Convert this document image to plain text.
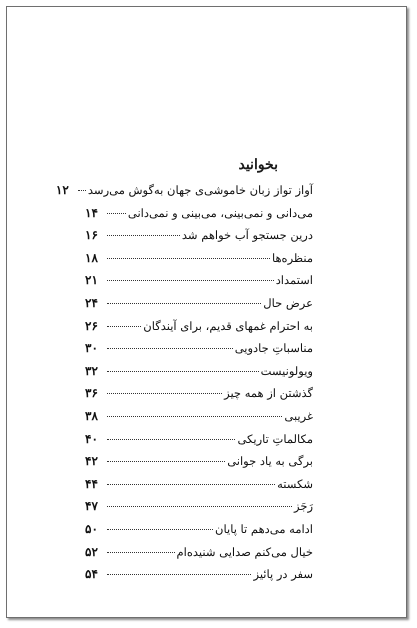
بخوانید
آواز تواز زبان خاموشی‌ی جهان به‌گوش می‌رسد
۱۲
می‌دانی و نمی‌بینی، می‌بینی و نمی‌دانی
۱۴
درین جستجو آب خواهم شد
۱۶
منظره‌ها
۱۸
استمداد
۲۱
عرض حال
۲۴
به احترام غمهای قدیم، برای آیندگان
۲۶
مناسباتِ جادویی
۳۰
ویولونیست
۳۲
گذشتن از همه چیز
۳۶
غریبی
۳۸
مکالماتِ تاریکی
۴۰
برگی به یاد جوانی
۴۲
شکسته
۴۴
رَجَز
۴۷
ادامه می‌دهم تا پایان
۵۰
خیال می‌کنم صدایی شنیده‌ام
۵۲
سفر در پائیز
۵۴
